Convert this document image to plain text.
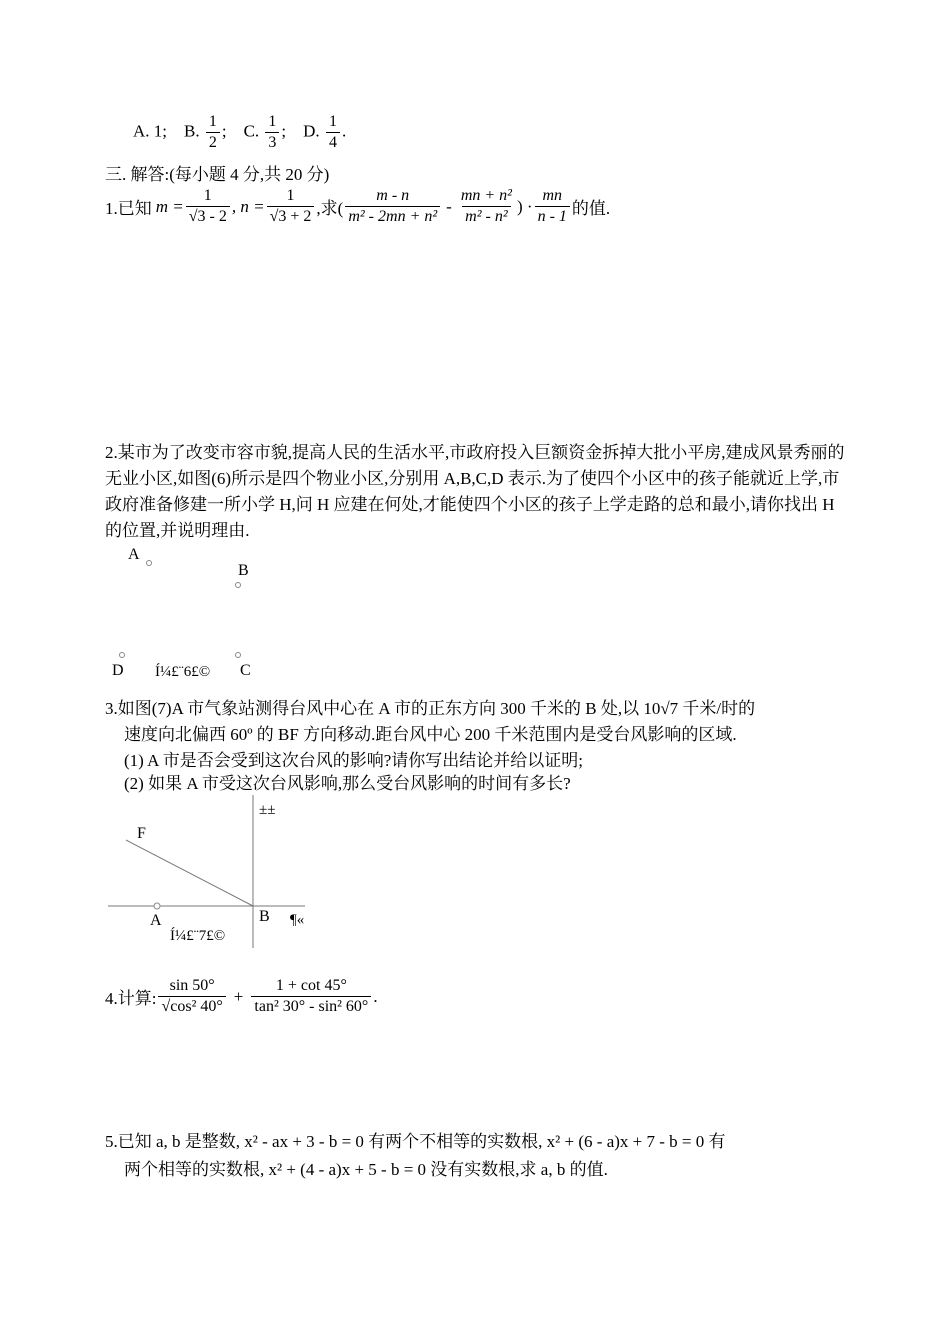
A. 1; B. $\frac{1}{2}$ ; C. $\frac{1}{3}$ ; D. $\frac{1}{4}$ .
三. 解答:(每小题 4 分,共 20 分)
1.已知 $m = \frac{1}{√3 - 2}$ , $n = \frac{1}{√3 + 2}$ ,求( $\frac{m - n}{\text{m² - 2mn + n²}} - \frac{\text{mn + n²}}{\text{m² - n²}}$ ) · $\frac{mn}{n - 1}$ 的值.
2.某市为了改变市容市貌,提高人民的生活水平,市政府投入巨额资金拆掉大批小平房,建成风景秀丽的无业小区,如图(6)所示是四个物业小区,分别用 A,B,C,D 表示.为了使四个小区中的孩子能就近上学,市政府准备修建一所小学 H,问 H 应建在何处,才能使四个小区的孩子上学走路的总和最小,请你找出 H 的位置,并说明理由.
A
B
D Í¼£¨6£© C
3.如图(7)A 市气象站测得台风中心在 A 市的正东方向 300 千米的 B 处,以 10√7 千米/时的
速度向北偏西 60º 的 BF 方向移动.距台风中心 200 千米范围内是受台风影响的区域.
(1) A 市是否会受到这次台风的影响?请你写出结论并给以证明;
(2) 如果 A 市受这次台风影响,那么受台风影响的时间有多长?
±±
F
A	B ¶«
Í¼£¨7£©
4.计算: $\frac{\sin 50^\circ}{\text{√cos² 40°}} + \frac{1 + \cot 45^\circ}{\text{tan² 30° - sin² 60°}}$ .
5.已知 a, b 是整数, x² - ax + 3 - b = 0 有两个不相等的实数根, x² + (6 - a)x + 7 - b = 0 有
两个相等的实数根, x² + (4 - a)x + 5 - b = 0 没有实数根,求 a, b 的值.
